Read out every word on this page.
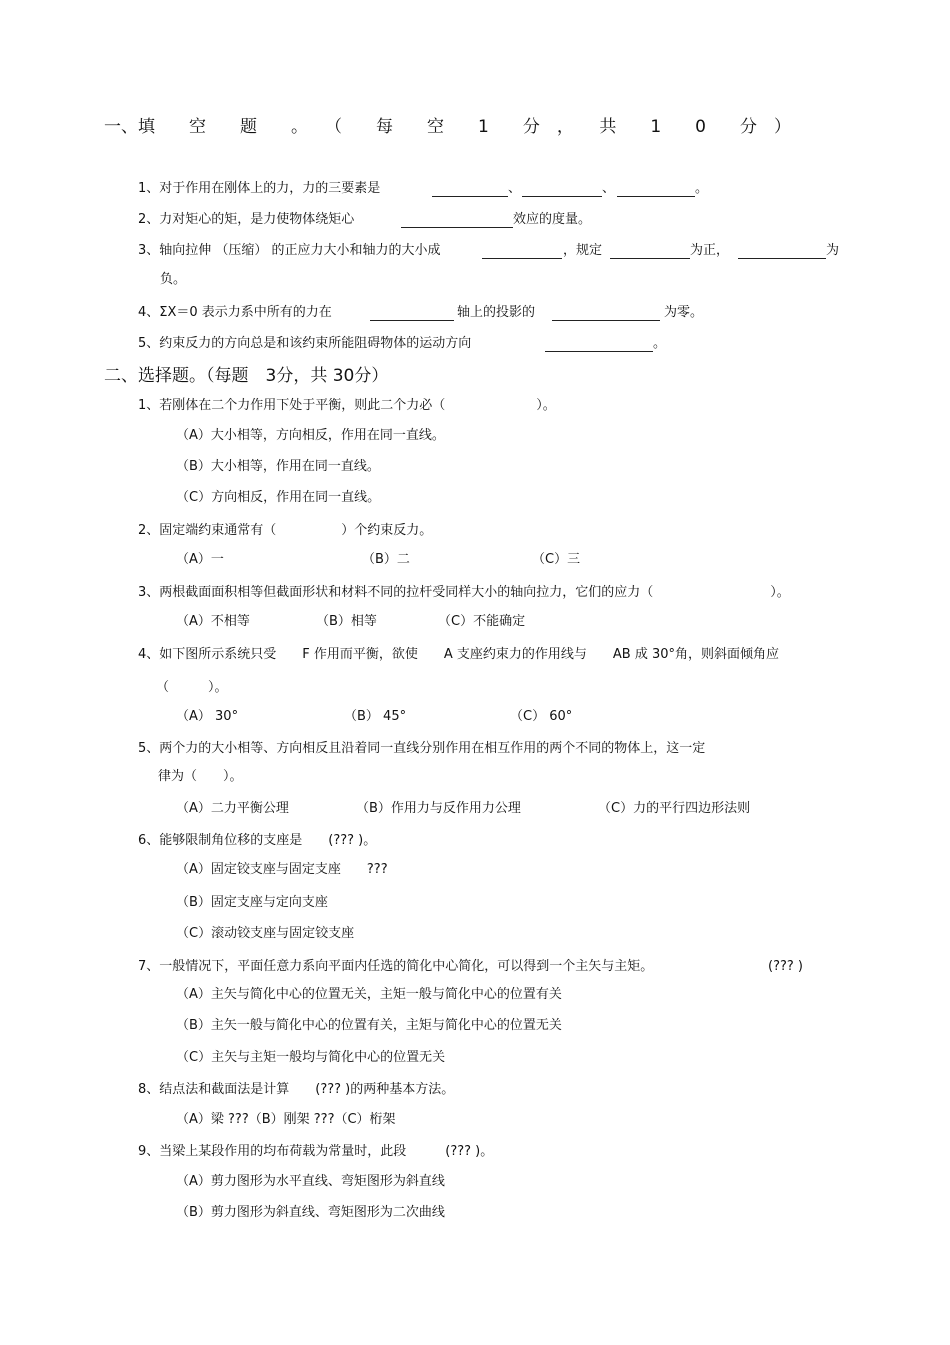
一、填　　空　　题　　。　　（　　每　　空　　1　　分　，　　共　　1　　0　　分　）
1、对于作用在刚体上的力，力的三要素是	、	、	。
2、力对矩心的矩，是力使物体绕矩心	效应的度量。
3、轴向拉伸 （压缩） 的正应力大小和轴力的大小成	，规定	为正，	为
负。
4、ΣX＝0 表示力系中所有的力在	轴上的投影的	为零。
5、约束反力的方向总是和该约束所能阻碍物体的运动方向	。
二、选择题。（每题　3分，共 30分）
1、若刚体在二个力作用下处于平衡，则此二个力必（　　　　　　　）。
（A）大小相等，方向相反，作用在同一直线。
（B）大小相等，作用在同一直线。
（C）方向相反，作用在同一直线。
2、固定端约束通常有（　　　　　）个约束反力。
（A）一	（B）二	（C）三
3、两根截面面积相等但截面形状和材料不同的拉杆受同样大小的轴向拉力，它们的应力（　　　　　　　　　）。
（A）不相等	（B）相等	（C）不能确定
4、如下图所示系统只受　　F 作用而平衡，欲使　　A 支座约束力的作用线与　　AB 成 30°角，则斜面倾角应
（　　　）。
（A） 30°	（B） 45°	（C） 60°
5、两个力的大小相等、方向相反且沿着同一直线分别作用在相互作用的两个不同的物体上，这一定
律为（　　）。
（A）二力平衡公理	（B）作用力与反作用力公理	（C）力的平行四边形法则
6、能够限制角位移的支座是　　(??? )。
（A）固定铰支座与固定支座　　???
（B）固定支座与定向支座
（C）滚动铰支座与固定铰支座
7、一般情况下，平面任意力系向平面内任选的简化中心简化，可以得到一个主矢与主矩。	(??? )
（A）主矢与简化中心的位置无关，主矩一般与简化中心的位置有关
（B）主矢一般与简化中心的位置有关，主矩与简化中心的位置无关
（C）主矢与主矩一般均与简化中心的位置无关
8、结点法和截面法是计算　　(??? )的两种基本方法。
（A）梁 ???（B）刚架 ???（C）桁架
9、当梁上某段作用的均布荷载为常量时，此段　　　(??? )。
（A）剪力图形为水平直线、弯矩图形为斜直线
（B）剪力图形为斜直线、弯矩图形为二次曲线
